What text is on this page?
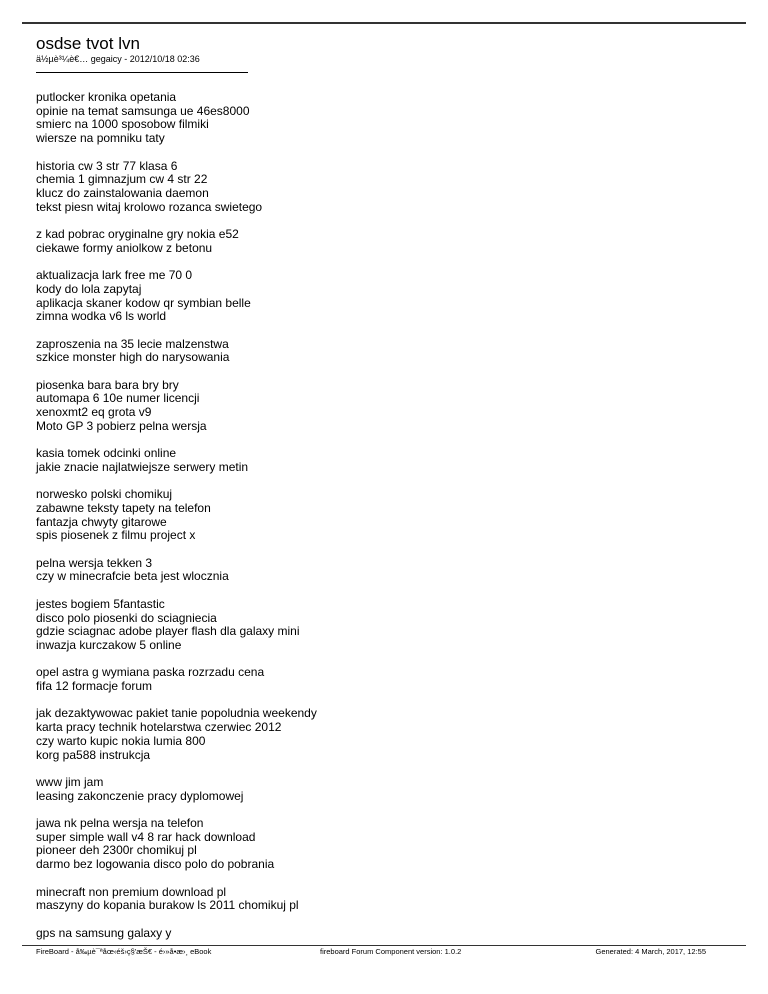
osdse tvot lvn
ä½µè³¼è€… gegaicy - 2012/10/18 02:36
putlocker kronika opetania
opinie na temat samsunga ue 46es8000
smierc na 1000 sposobow filmiki
wiersze na pomniku taty
historia cw 3 str 77 klasa 6
chemia 1 gimnazjum cw 4 str 22
klucz do zainstalowania daemon
tekst piesn witaj krolowo rozanca swietego
z kad pobrac oryginalne gry nokia e52
ciekawe formy aniolkow z betonu
aktualizacja lark free me 70 0
kody do lola zapytaj
aplikacja skaner kodow qr symbian belle
zimna wodka v6 ls world
zaproszenia na 35 lecie malzenstwa
szkice monster high do narysowania
piosenka bara bara bry bry
automapa 6 10e numer licencji
xenoxmt2 eq grota v9
Moto GP 3 pobierz pelna wersja
kasia tomek odcinki online
jakie znacie najlatwiejsze serwery metin
norwesko polski chomikuj
zabawne teksty tapety na telefon
fantazja chwyty gitarowe
spis piosenek z filmu project x
pelna wersja tekken 3
czy w minecrafcie beta jest wlocznia
jestes bogiem 5fantastic
disco polo piosenki do sciagniecia
gdzie sciagnac adobe player flash dla galaxy mini
inwazja kurczakow 5 online
opel astra g wymiana paska rozrzadu cena
fifa 12 formacje forum
jak dezaktywowac pakiet tanie popoludnia weekendy
karta pracy technik hotelarstwa czerwiec 2012
czy warto kupic nokia lumia 800
korg pa588 instrukcja
www jim jam
leasing zakonczenie pracy dyplomowej
jawa nk pelna wersja na telefon
super simple wall v4 8 rar hack download
pioneer deh 2300r chomikuj pl
darmo bez logowania disco polo do pobrania
minecraft non premium download pl
maszyny do kopania burakow ls 2011 chomikuj pl
gps na samsung galaxy y
FireBoard - å‰µè¯ªåœ‹éš›ç§'æŠ€ - é›»å•æ›¸ eBook	fireboard Forum Component version: 1.0.2	Generated: 4 March, 2017, 12:55
